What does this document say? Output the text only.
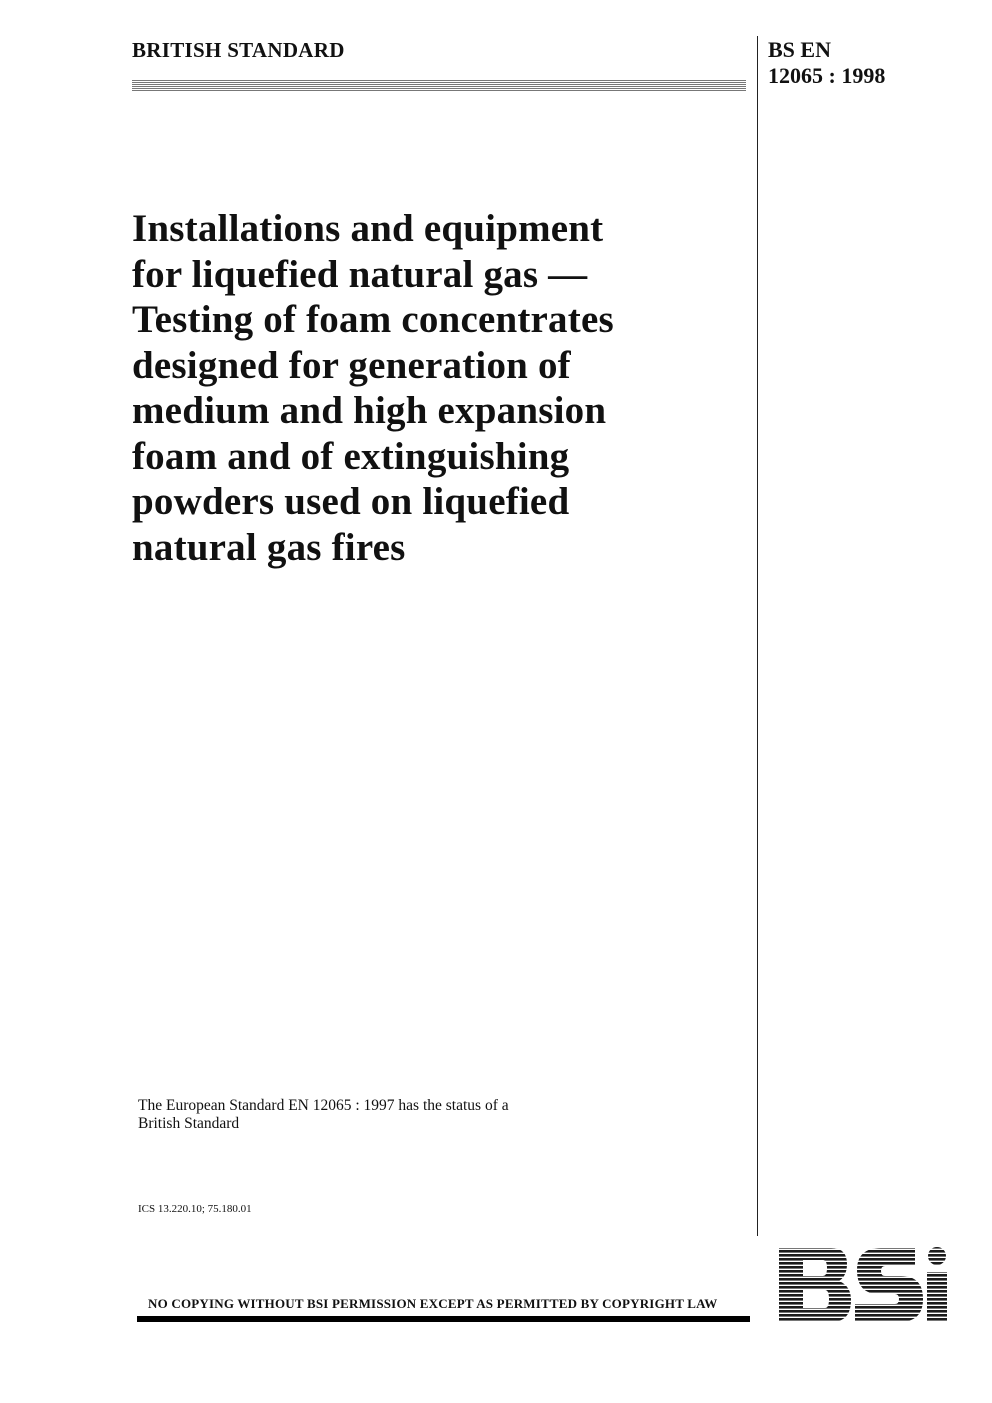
BRITISH STANDARD	BS EN
12065 : 1998
Installations and equipment
for liquefied natural gas —
Testing of foam concentrates
designed for generation of
medium and high expansion
foam and of extinguishing
powders used on liquefied
natural gas fires
The European Standard EN 12065 : 1997 has the status of a
British Standard
ICS 13.220.10; 75.180.01
NO COPYING WITHOUT BSI PERMISSION EXCEPT AS PERMITTED BY COPYRIGHT LAW
